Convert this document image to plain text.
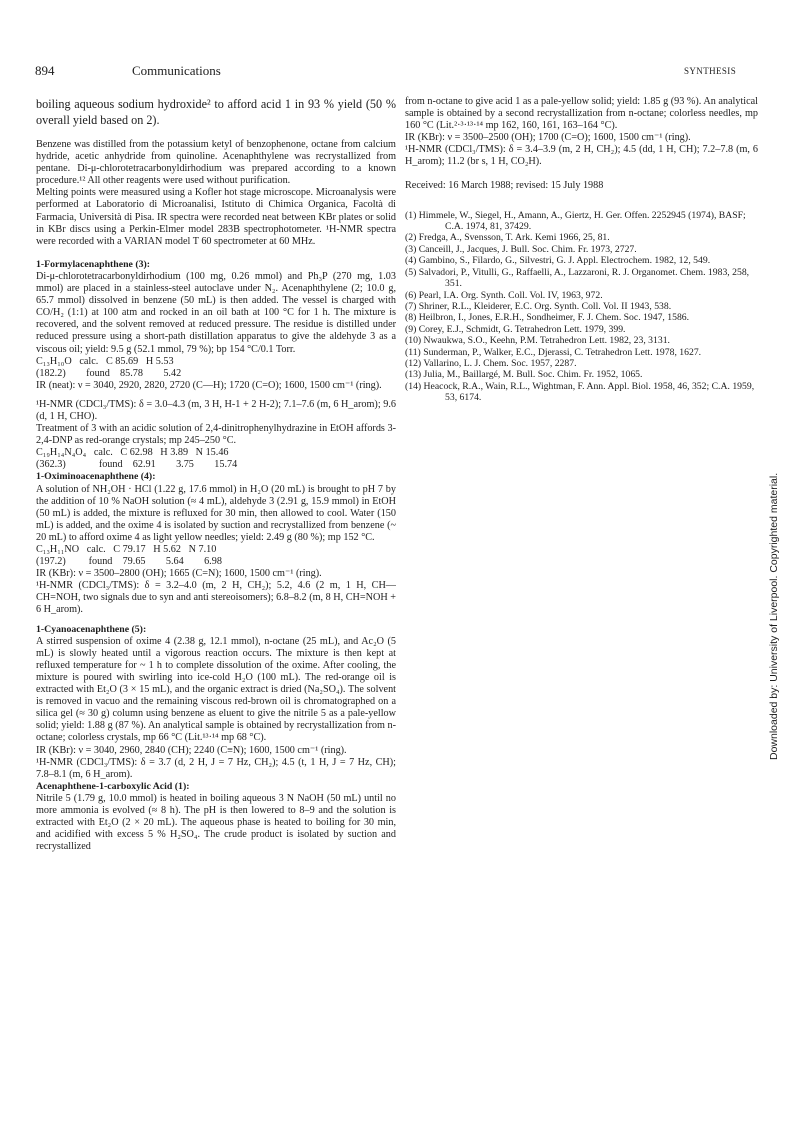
894	Communications	SYNTHESIS

boiling aqueous sodium hydroxide² to afford acid 1 in 93 % yield (50 % overall yield based on 2).

Benzene was distilled from the potassium ketyl of benzophenone, octane from calcium hydride, acetic anhydride from quinoline. Acenaphthylene was recrystallized from pentane. Di-μ-chlorotetracarbonyldirhodium was prepared according to a known procedure.¹² All other reagents were used without purification.

Melting points were measured using a Kofler hot stage microscope. Microanalysis were performed at Laboratorio di Microanalisi, Istituto di Chimica Organica, Facoltà di Farmacia, Università di Pisa. IR spectra were recorded neat between KBr plates or solid in KBr discs using a Perkin-Elmer model 283B spectrophotometer. ¹H-NMR spectra were recorded with a VARIAN model T 60 spectrometer at 60 MHz.

1-Formylacenaphthene (3):

Di-μ-chlorotetracarbonyldirhodium (100 mg, 0.26 mmol) and Ph₃P (270 mg, 1.03 mmol) are placed in a stainless-steel autoclave under N₂. Acenaphthylene (2; 10.0 g, 65.7 mmol) dissolved in benzene (50 mL) is then added. The vessel is charged with CO/H₂ (1:1) at 100 atm and rocked in an oil bath at 100 °C for 1 h. The mixture is recovered, and the solvent removed at reduced pressure. The residue is distilled under reduced pressure using a short-path distillation apparatus to give the aldehyde 3 as a viscous oil; yield: 9.5 g (52.1 mmol, 79 %); bp 154 °C/0.1 Torr.

C₁₃H₁₀O   calc.   C 85.69   H 5.53
(182.2)        found    85.78        5.42

IR (neat): ν = 3040, 2920, 2820, 2720 (C—H); 1720 (C=O); 1600, 1500 cm⁻¹ (ring).

¹H-NMR (CDCl₃/TMS): δ = 3.0–4.3 (m, 3 H, H-1 + 2 H-2); 7.1–7.6 (m, 6 H_arom); 9.6 (d, 1 H, CHO).

Treatment of 3 with an acidic solution of 2,4-dinitrophenylhydrazine in EtOH affords 3-2,4-DNP as red-orange crystals; mp 245–250 °C.

C₁₉H₁₄N₄O₄   calc.   C 62.98   H 3.89   N 15.46
(362.3)             found    62.91        3.75        15.74

1-Oximinoacenaphthene (4):

A solution of NH₂OH · HCl (1.22 g, 17.6 mmol) in H₂O (20 mL) is brought to pH 7 by the addition of 10 % NaOH solution (≈ 4 mL), aldehyde 3 (2.91 g, 15.9 mmol) in EtOH (50 mL) is added, the mixture is refluxed for 30 min, then allowed to cool. Water (150 mL) is added, and the oxime 4 is isolated by suction and recrystallized from benzene (~ 20 mL) to afford oxime 4 as light yellow needles; yield: 2.49 g (80 %); mp 152 °C.

C₁₃H₁₁NO   calc.   C 79.17   H 5.62   N 7.10
(197.2)         found    79.65        5.64        6.98

IR (KBr): ν = 3500–2800 (OH); 1665 (C=N); 1600, 1500 cm⁻¹ (ring).

¹H-NMR (CDCl₃/TMS): δ = 3.2–4.0 (m, 2 H, CH₂); 5.2, 4.6 (2 m, 1 H, CH—CH=NOH, two signals due to syn and anti stereoisomers); 6.8–8.2 (m, 8 H, CH=NOH + 6 H_arom).

1-Cyanoacenaphthene (5):

A stirred suspension of oxime 4 (2.38 g, 12.1 mmol), n-octane (25 mL), and Ac₂O (5 mL) is slowly heated until a vigorous reaction occurs. The mixture is then kept at refluxed temperature for ~ 1 h to complete dissolution of the oxime. After cooling, the mixture is poured with swirling into ice-cold H₂O (100 mL). The red-orange oil is extracted with Et₂O (3 × 15 mL), and the organic extract is dried (Na₂SO₄). The solvent is removed in vacuo and the remaining viscous red-brown oil is chromatographed on a silica gel (≈ 30 g) column using benzene as eluent to give the nitrile 5 as a pale-yellow solid; yield: 1.88 g (87 %). An analytical sample is obtained by recrystallization from n-octane; colorless crystals, mp 66 °C (Lit.¹³·¹⁴ mp 68 °C).

IR (KBr): ν = 3040, 2960, 2840 (CH); 2240 (C≡N); 1600, 1500 cm⁻¹ (ring).

¹H-NMR (CDCl₃/TMS): δ = 3.7 (d, 2 H, J = 7 Hz, CH₂); 4.5 (t, 1 H, J = 7 Hz, CH); 7.8–8.1 (m, 6 H_arom).

Acenaphthene-1-carboxylic Acid (1):

Nitrile 5 (1.79 g, 10.0 mmol) is heated in boiling aqueous 3 N NaOH (50 mL) until no more ammonia is evolved (≈ 8 h). The pH is then lowered to 8–9 and the solution is extracted with Et₂O (2 × 20 mL). The aqueous phase is heated to boiling for 30 min, and acidified with excess 5 % H₂SO₄. The crude product is isolated by suction and recrystallized

from n-octane to give acid 1 as a pale-yellow solid; yield: 1.85 g (93 %). An analytical sample is obtained by a second recrystallization from n-octane; colorless needles, mp 160 °C (Lit.²·³·¹³·¹⁴ mp 162, 160, 161, 163–164 °C).

IR (KBr): ν = 3500–2500 (OH); 1700 (C=O); 1600, 1500 cm⁻¹ (ring).

¹H-NMR (CDCl₃/TMS): δ = 3.4–3.9 (m, 2 H, CH₂); 4.5 (dd, 1 H, CH); 7.2–7.8 (m, 6 H_arom); 11.2 (br s, 1 H, CO₂H).

Received: 16 March 1988; revised: 15 July 1988

(1) Himmele, W., Siegel, H., Amann, A., Giertz, H. Ger. Offen. 2252945 (1974), BASF; C.A. 1974, 81, 37429.
(2) Fredga, A., Svensson, T. Ark. Kemi 1966, 25, 81.
(3) Canceill, J., Jacques, J. Bull. Soc. Chim. Fr. 1973, 2727.
(4) Gambino, S., Filardo, G., Silvestri, G. J. Appl. Electrochem. 1982, 12, 549.
(5) Salvadori, P., Vitulli, G., Raffaelli, A., Lazzaroni, R. J. Organomet. Chem. 1983, 258, 351.
(6) Pearl, I.A. Org. Synth. Coll. Vol. IV, 1963, 972.
(7) Shriner, R.L., Kleiderer, E.C. Org. Synth. Coll. Vol. II 1943, 538.
(8) Heilbron, I., Jones, E.R.H., Sondheimer, F. J. Chem. Soc. 1947, 1586.
(9) Corey, E.J., Schmidt, G. Tetrahedron Lett. 1979, 399.
(10) Nwaukwa, S.O., Keehn, P.M. Tetrahedron Lett. 1982, 23, 3131.
(11) Sunderman, P., Walker, E.C., Djerassi, C. Tetrahedron Lett. 1978, 1627.
(12) Vallarino, L. J. Chem. Soc. 1957, 2287.
(13) Julia, M., Baillargé, M. Bull. Soc. Chim. Fr. 1952, 1065.
(14) Heacock, R.A., Wain, R.L., Wightman, F. Ann. Appl. Biol. 1958, 46, 352; C.A. 1959, 53, 6174.
Downloaded by: University of Liverpool. Copyrighted material.
